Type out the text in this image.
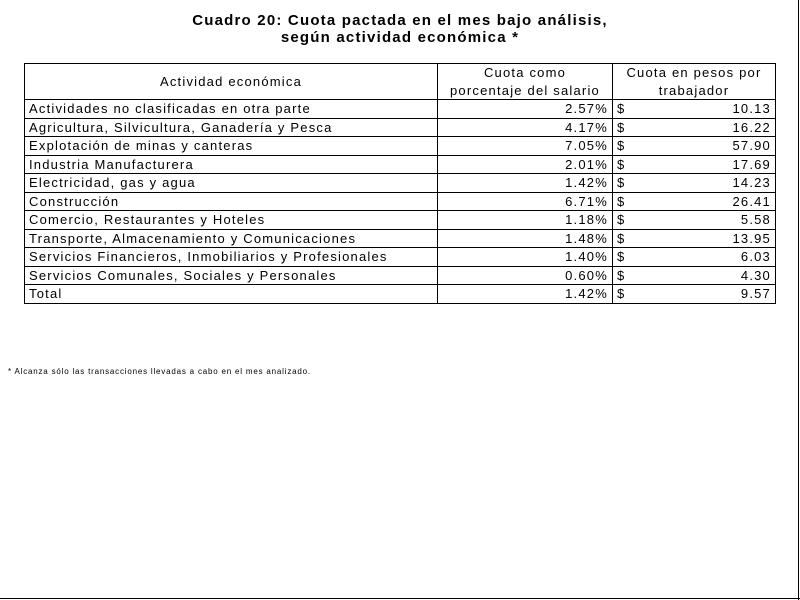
Cuadro 20: Cuota pactada en el mes bajo análisis,
según actividad económica *
Actividad económica	Cuota como	Cuota en pesos por
	porcentaje del salario	trabajador
Actividades no clasificadas en otra parte	2.57%	$ 10.13

Agricultura, Silvicultura, Ganadería y Pesca	4.17%	$ 16.22

Explotación de minas y canteras	7.05%	$ 57.90

Industria Manufacturera	2.01%	$ 17.69

Electricidad, gas y agua	1.42%	$ 14.23

Construcción	6.71%	$ 26.41

Comercio, Restaurantes y Hoteles	1.18%	$ 5.58

Transporte, Almacenamiento y Comunicaciones	1.48%	$ 13.95

Servicios Financieros, Inmobiliarios y Profesionales	1.40%	$ 6.03

Servicios Comunales, Sociales y Personales	0.60%	$ 4.30

Total	1.42%	$ 9.57
* Alcanza sólo las transacciones llevadas a cabo en el mes analizado.
